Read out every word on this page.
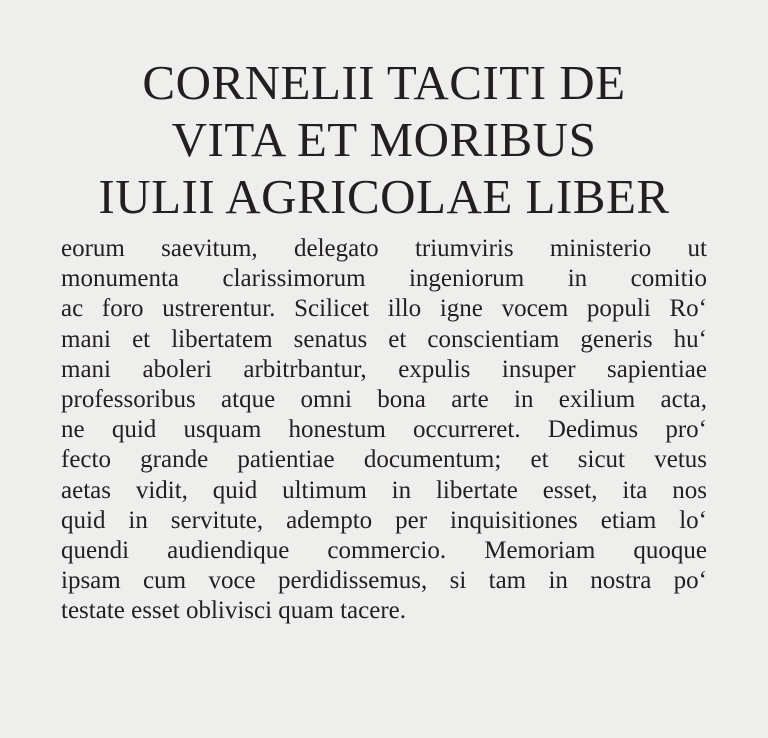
CORNELII TACITI DE
VITA ET MORIBUS
IULII AGRICOLAE LIBER
eorum saevitum, delegato triumviris ministerio ut
monumenta clarissimorum ingeniorum in comitio
ac foro ustrerentur. Scilicet illo igne vocem populi Ro‘
mani et libertatem senatus et conscientiam generis hu‘
mani aboleri arbitrbantur, expulis insuper sapientiae
professoribus atque omni bona arte in exilium acta,
ne quid usquam honestum occurreret. Dedimus pro‘
fecto grande patientiae documentum; et sicut vetus
aetas vidit, quid ultimum in libertate esset, ita nos
quid in servitute, adempto per inquisitiones etiam lo‘
quendi audiendique commercio. Memoriam quoque
ipsam cum voce perdidissemus, si tam in nostra po‘
testate esset oblivisci quam tacere.
